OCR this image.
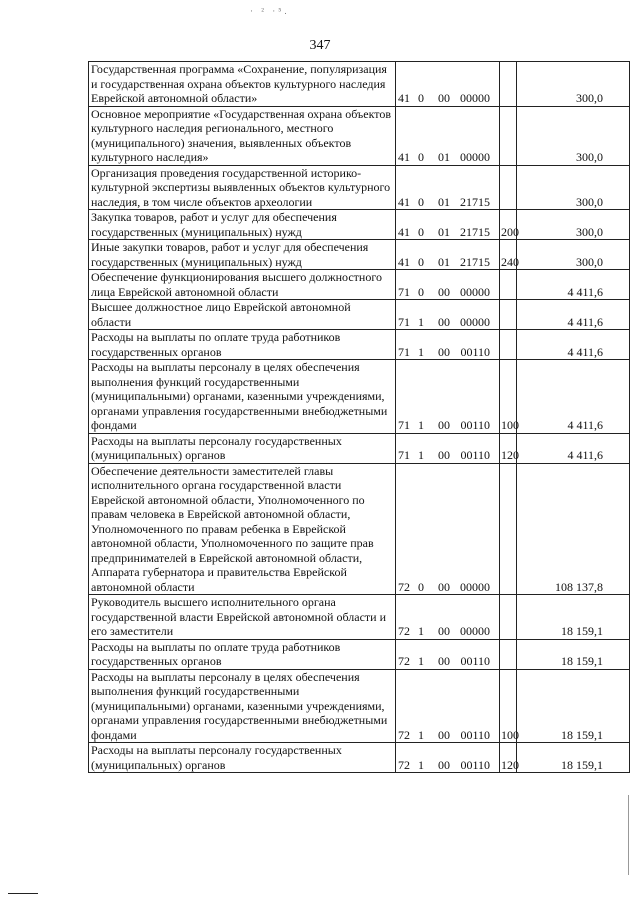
· ² ·⁵.
347
Государственная программа «Сохранение, популяризация и государственная охрана объектов культурного наследия Еврейской автономной области»	41 0 00 00000		300,0
Основное мероприятие «Государственная охрана объектов культурного наследия регионального, местного (муниципального) значения, выявленных объектов культурного наследия»	41 0 01 00000		300,0
Организация проведения государственной историко-культурной экспертизы выявленных объектов культурного наследия, в том числе объектов археологии	41 0 01 21715		300,0
Закупка товаров, работ и услуг для обеспечения государственных (муниципальных) нужд	41 0 01 21715	200	300,0
Иные закупки товаров, работ и услуг для обеспечения государственных (муниципальных) нужд	41 0 01 21715	240	300,0
Обеспечение функционирования высшего должностного лица Еврейской автономной области	71 0 00 00000		4 411,6
Высшее должностное лицо Еврейской автономной области	71 1 00 00000		4 411,6
Расходы на выплаты по оплате труда работников государственных органов	71 1 00 00110		4 411,6
Расходы на выплаты персоналу в целях обеспечения выполнения функций государственными (муниципальными) органами, казенными учреждениями, органами управления государственными внебюджетными фондами	71 1 00 00110	100	4 411,6
Расходы на выплаты персоналу государственных (муниципальных) органов	71 1 00 00110	120	4 411,6
Обеспечение деятельности заместителей главы исполнительного органа государственной власти Еврейской автономной области, Уполномоченного по правам человека в Еврейской автономной области, Уполномоченного по правам ребенка в Еврейской автономной области, Уполномоченного по защите прав предпринимателей в Еврейской автономной области, Аппарата губернатора и правительства Еврейской автономной области	72 0 00 00000		108 137,8
Руководитель высшего исполнительного органа государственной власти Еврейской автономной области и его заместители	72 1 00 00000		18 159,1
Расходы на выплаты по оплате труда работников государственных органов	72 1 00 00110		18 159,1
Расходы на выплаты персоналу в целях обеспечения выполнения функций государственными (муниципальными) органами, казенными учреждениями, органами управления государственными внебюджетными фондами	72 1 00 00110	100	18 159,1
Расходы на выплаты персоналу государственных (муниципальных) органов	72 1 00 00110	120	18 159,1
